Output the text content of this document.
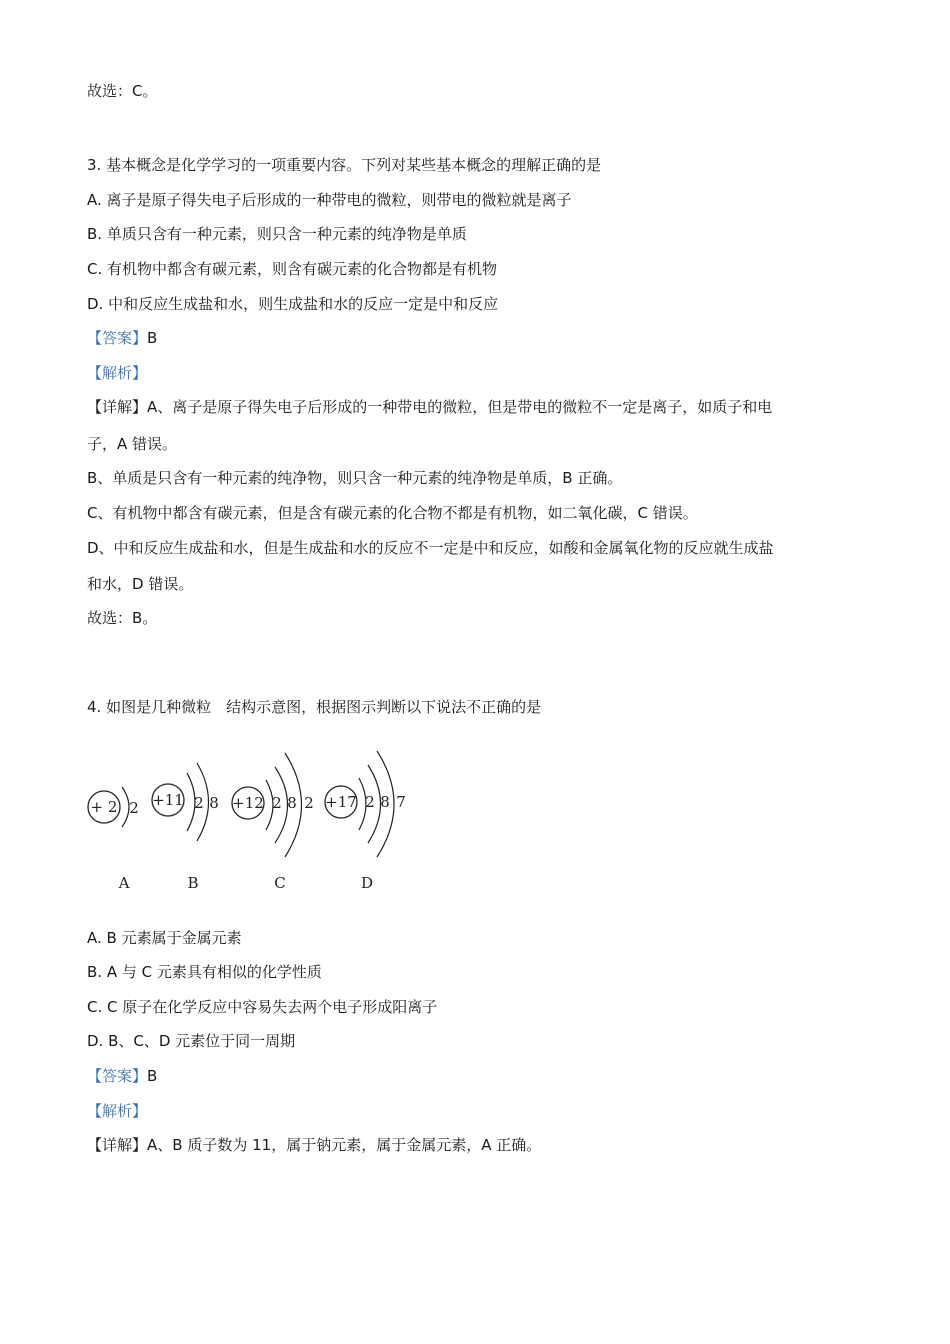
故选：C。
3. 基本概念是化学学习的一项重要内容。下列对某些基本概念的理解正确的是
A. 离子是原子得失电子后形成的一种带电的微粒，则带电的微粒就是离子
B. 单质只含有一种元素，则只含一种元素的纯净物是单质
C. 有机物中都含有碳元素，则含有碳元素的化合物都是有机物
D. 中和反应生成盐和水，则生成盐和水的反应一定是中和反应
【答案】B
【解析】
【详解】A、离子是原子得失电子后形成的一种带电的微粒，但是带电的微粒不一定是离子，如质子和电
子，A 错误。
B、单质是只含有一种元素的纯净物，则只含一种元素的纯净物是单质，B 正确。
C、有机物中都含有碳元素，但是含有碳元素的化合物不都是有机物，如二氧化碳，C 错误。
D、中和反应生成盐和水，但是生成盐和水的反应不一定是中和反应，如酸和金属氧化物的反应就生成盐
和水，D 错误。
故选：B。
4. 如图是几种微粒　结构示意图，根据图示判断以下说法不正确的是
+ 2 2
A
+11 2 8
B
+12 2 8 2
C
+17 2 8 7
D
A. B 元素属于金属元素
B. A 与 C 元素具有相似的化学性质
C. C 原子在化学反应中容易失去两个电子形成阳离子
D. B、C、D 元素位于同一周期
【答案】B
【解析】
【详解】A、B 质子数为 11，属于钠元素，属于金属元素，A 正确。
